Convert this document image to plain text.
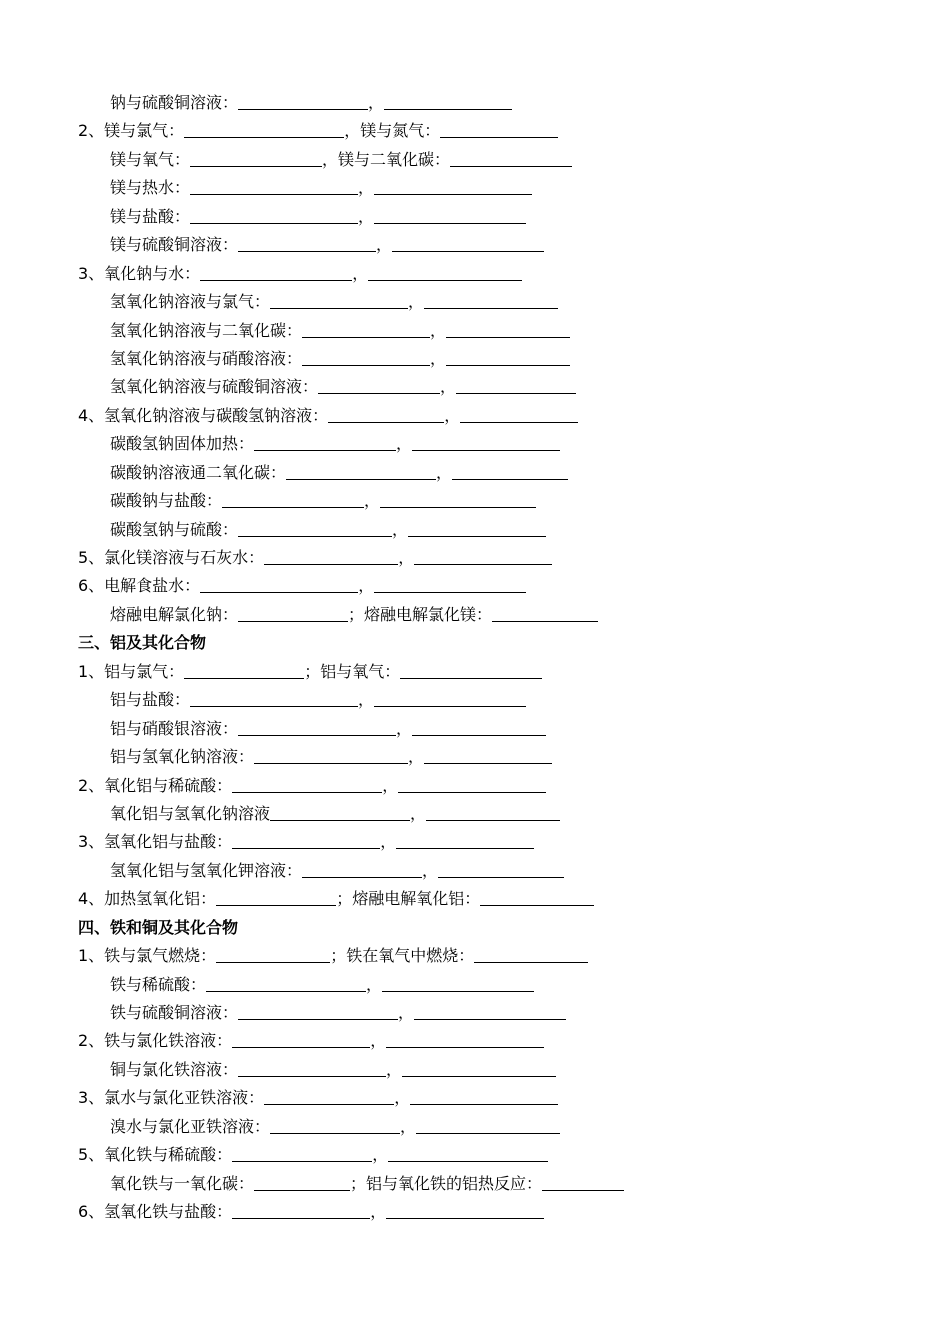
钠与硫酸铜溶液：	，
2、镁与氯气：	，镁与氮气：
镁与氧气：	，镁与二氧化碳：
镁与热水：	，
镁与盐酸：	，
镁与硫酸铜溶液：	，
3、氧化钠与水：	，
氢氧化钠溶液与氯气：	，
氢氧化钠溶液与二氧化碳：	，
氢氧化钠溶液与硝酸溶液：	，
氢氧化钠溶液与硫酸铜溶液：	，
4、氢氧化钠溶液与碳酸氢钠溶液：	，
碳酸氢钠固体加热：	，
碳酸钠溶液通二氧化碳：	，
碳酸钠与盐酸：	，
碳酸氢钠与硫酸：	，
5、氯化镁溶液与石灰水：	，
6、电解食盐水：	，
熔融电解氯化钠：	；熔融电解氯化镁：
三、铝及其化合物
1、铝与氯气：	；铝与氧气：
铝与盐酸：	，
铝与硝酸银溶液：	，
铝与氢氧化钠溶液：	，
2、氧化铝与稀硫酸：	，
氧化铝与氢氧化钠溶液	，
3、氢氧化铝与盐酸：	，
氢氧化铝与氢氧化钾溶液：	，
4、加热氢氧化铝：	；熔融电解氧化铝：
四、铁和铜及其化合物
1、铁与氯气燃烧：	；铁在氧气中燃烧：
铁与稀硫酸：	，
铁与硫酸铜溶液：	，
2、铁与氯化铁溶液：	，
铜与氯化铁溶液：	，
3、氯水与氯化亚铁溶液：	，
溴水与氯化亚铁溶液：	，
5、氧化铁与稀硫酸：	，
氧化铁与一氧化碳：	；铝与氧化铁的铝热反应：
6、氢氧化铁与盐酸：	，
